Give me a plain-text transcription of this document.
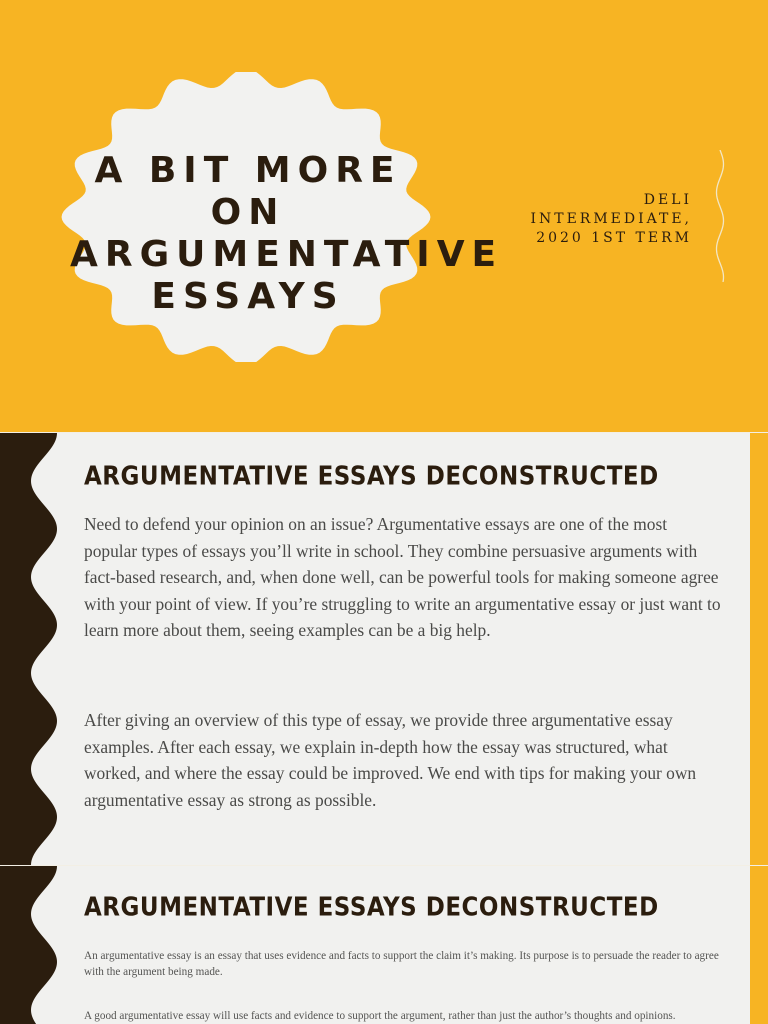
A BIT MORE ON ARGUMENTATIVE ESSAYS

DELI
INTERMEDIATE,
2020 1ST TERM

ARGUMENTATIVE ESSAYS DECONSTRUCTED

Need to defend your opinion on an issue? Argumentative essays are one of the most popular types of essays you’ll write in school. They combine persuasive arguments with fact-based research, and, when done well, can be powerful tools for making someone agree with your point of view. If you’re struggling to write an argumentative essay or just want to learn more about them, seeing examples can be a big help.

After giving an overview of this type of essay, we provide three argumentative essay examples. After each essay, we explain in-depth how the essay was structured, what worked, and where the essay could be improved. We end with tips for making your own argumentative essay as strong as possible.

ARGUMENTATIVE ESSAYS DECONSTRUCTED

An argumentative essay is an essay that uses evidence and facts to support the claim it’s making. Its purpose is to persuade the reader to agree with the argument being made.

A good argumentative essay will use facts and evidence to support the argument, rather than just the author’s thoughts and opinions.
